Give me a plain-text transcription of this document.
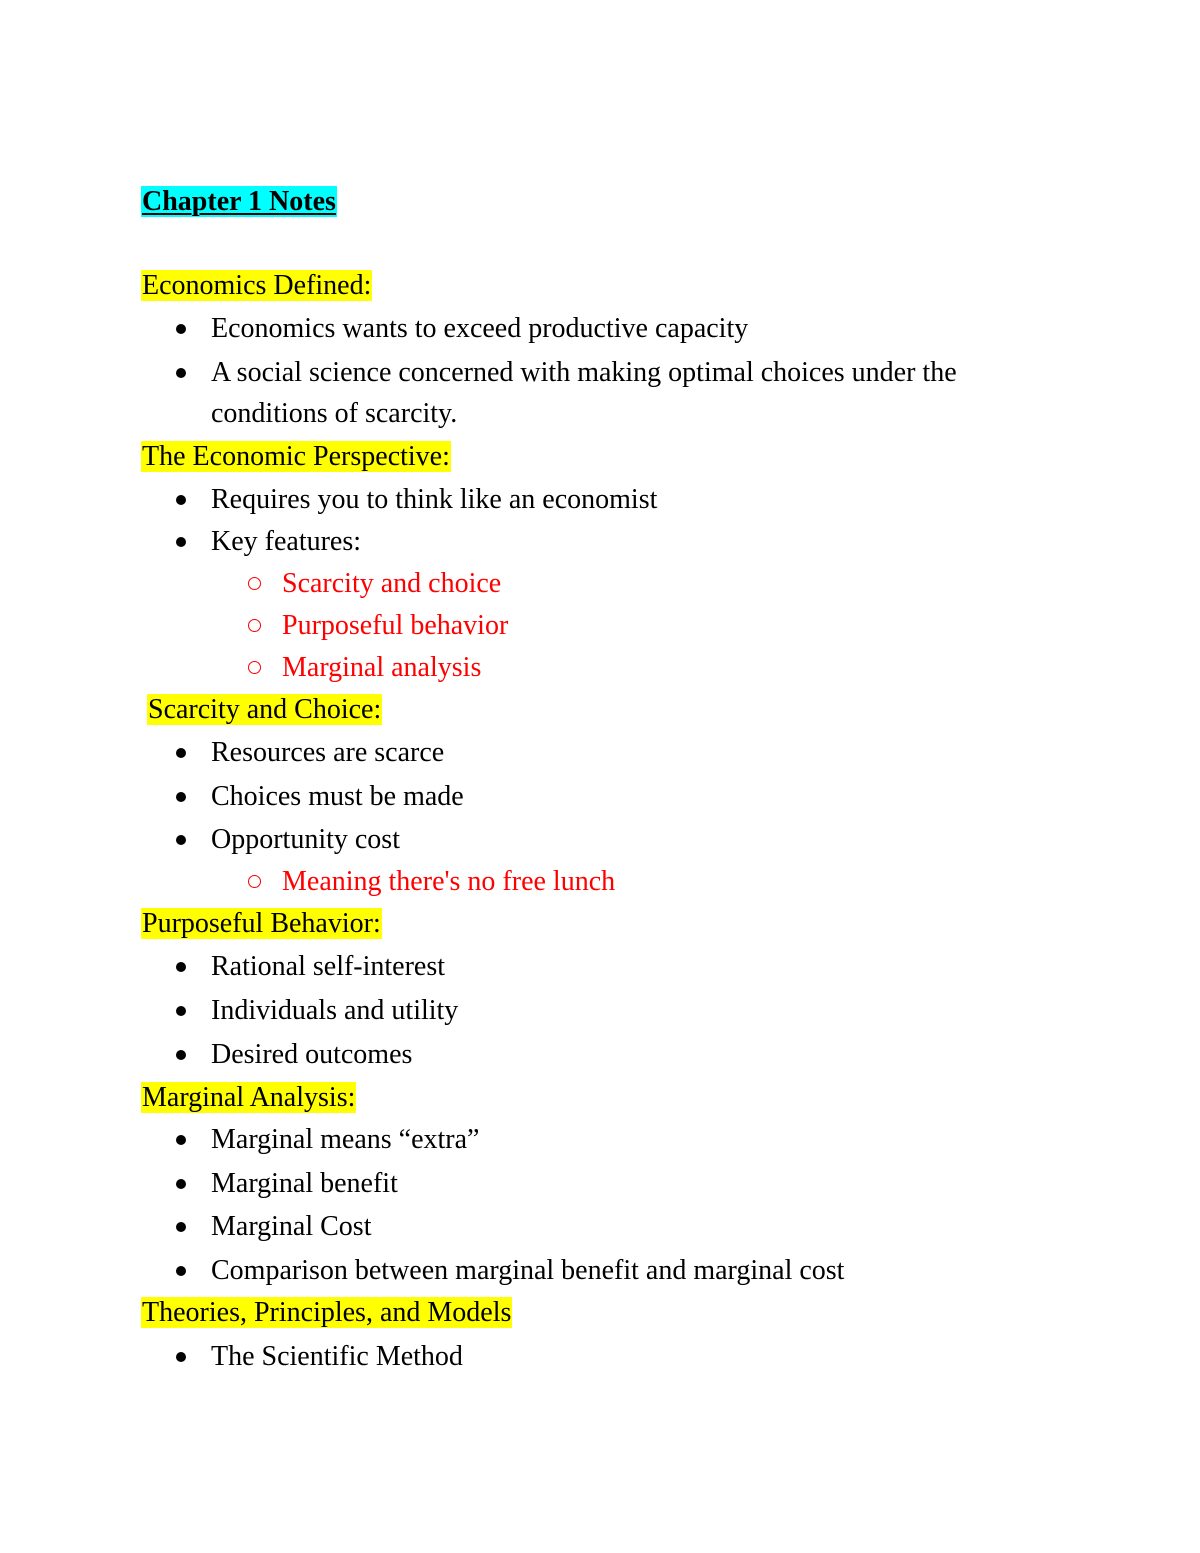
Chapter 1 Notes
Economics Defined:
Economics wants to exceed productive capacity
A social science concerned with making optimal choices under the
conditions of scarcity.
The Economic Perspective:
Requires you to think like an economist
Key features:
Scarcity and choice
Purposeful behavior
Marginal analysis
Scarcity and Choice:
Resources are scarce
Choices must be made
Opportunity cost
Meaning there's no free lunch
Purposeful Behavior:
Rational self-interest
Individuals and utility
Desired outcomes
Marginal Analysis:
Marginal means “extra”
Marginal benefit
Marginal Cost
Comparison between marginal benefit and marginal cost
Theories, Principles, and Models
The Scientific Method
